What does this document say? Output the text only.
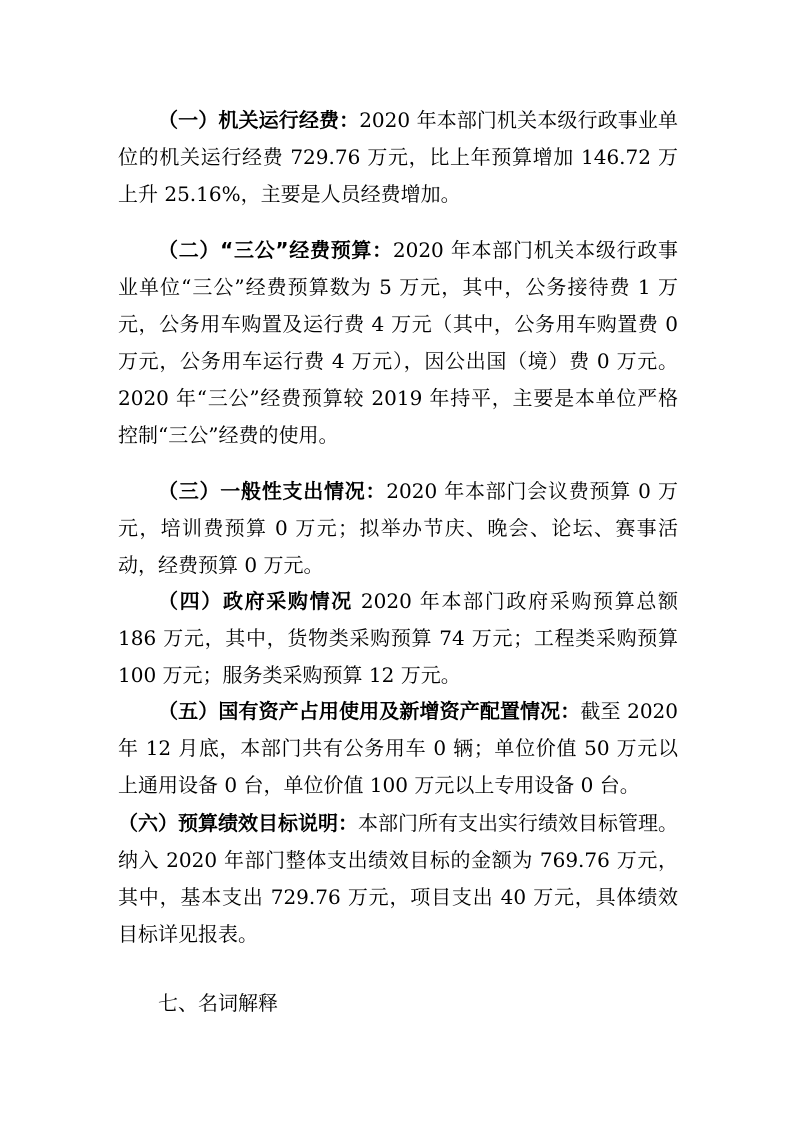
（一）机关运行经费：2020 年本部门机关本级行政事业单位的机关运行经费 729.76 万元，比上年预算增加 146.72 万上升 25.16%，主要是人员经费增加。

（二）“三公”经费预算：2020 年本部门机关本级行政事业单位“三公”经费预算数为 5 万元，其中，公务接待费 1 万元，公务用车购置及运行费 4 万元（其中，公务用车购置费 0 万元，公务用车运行费 4 万元），因公出国（境）费 0 万元。2020 年“三公”经费预算较 2019 年持平，主要是本单位严格控制“三公”经费的使用。

（三）一般性支出情况：2020 年本部门会议费预算 0 万元，培训费预算 0 万元；拟举办节庆、晚会、论坛、赛事活动，经费预算 0 万元。

（四）政府采购情况 2020 年本部门政府采购预算总额 186 万元，其中，货物类采购预算 74 万元；工程类采购预算 100 万元；服务类采购预算 12 万元。

（五）国有资产占用使用及新增资产配置情况：截至 2020 年 12 月底，本部门共有公务用车 0 辆；单位价值 50 万元以上通用设备 0 台，单位价值 100 万元以上专用设备 0 台。

（六）预算绩效目标说明：本部门所有支出实行绩效目标管理。纳入 2020 年部门整体支出绩效目标的金额为 769.76 万元，其中，基本支出 729.76 万元，项目支出 40 万元，具体绩效目标详见报表。

七、名词解释
